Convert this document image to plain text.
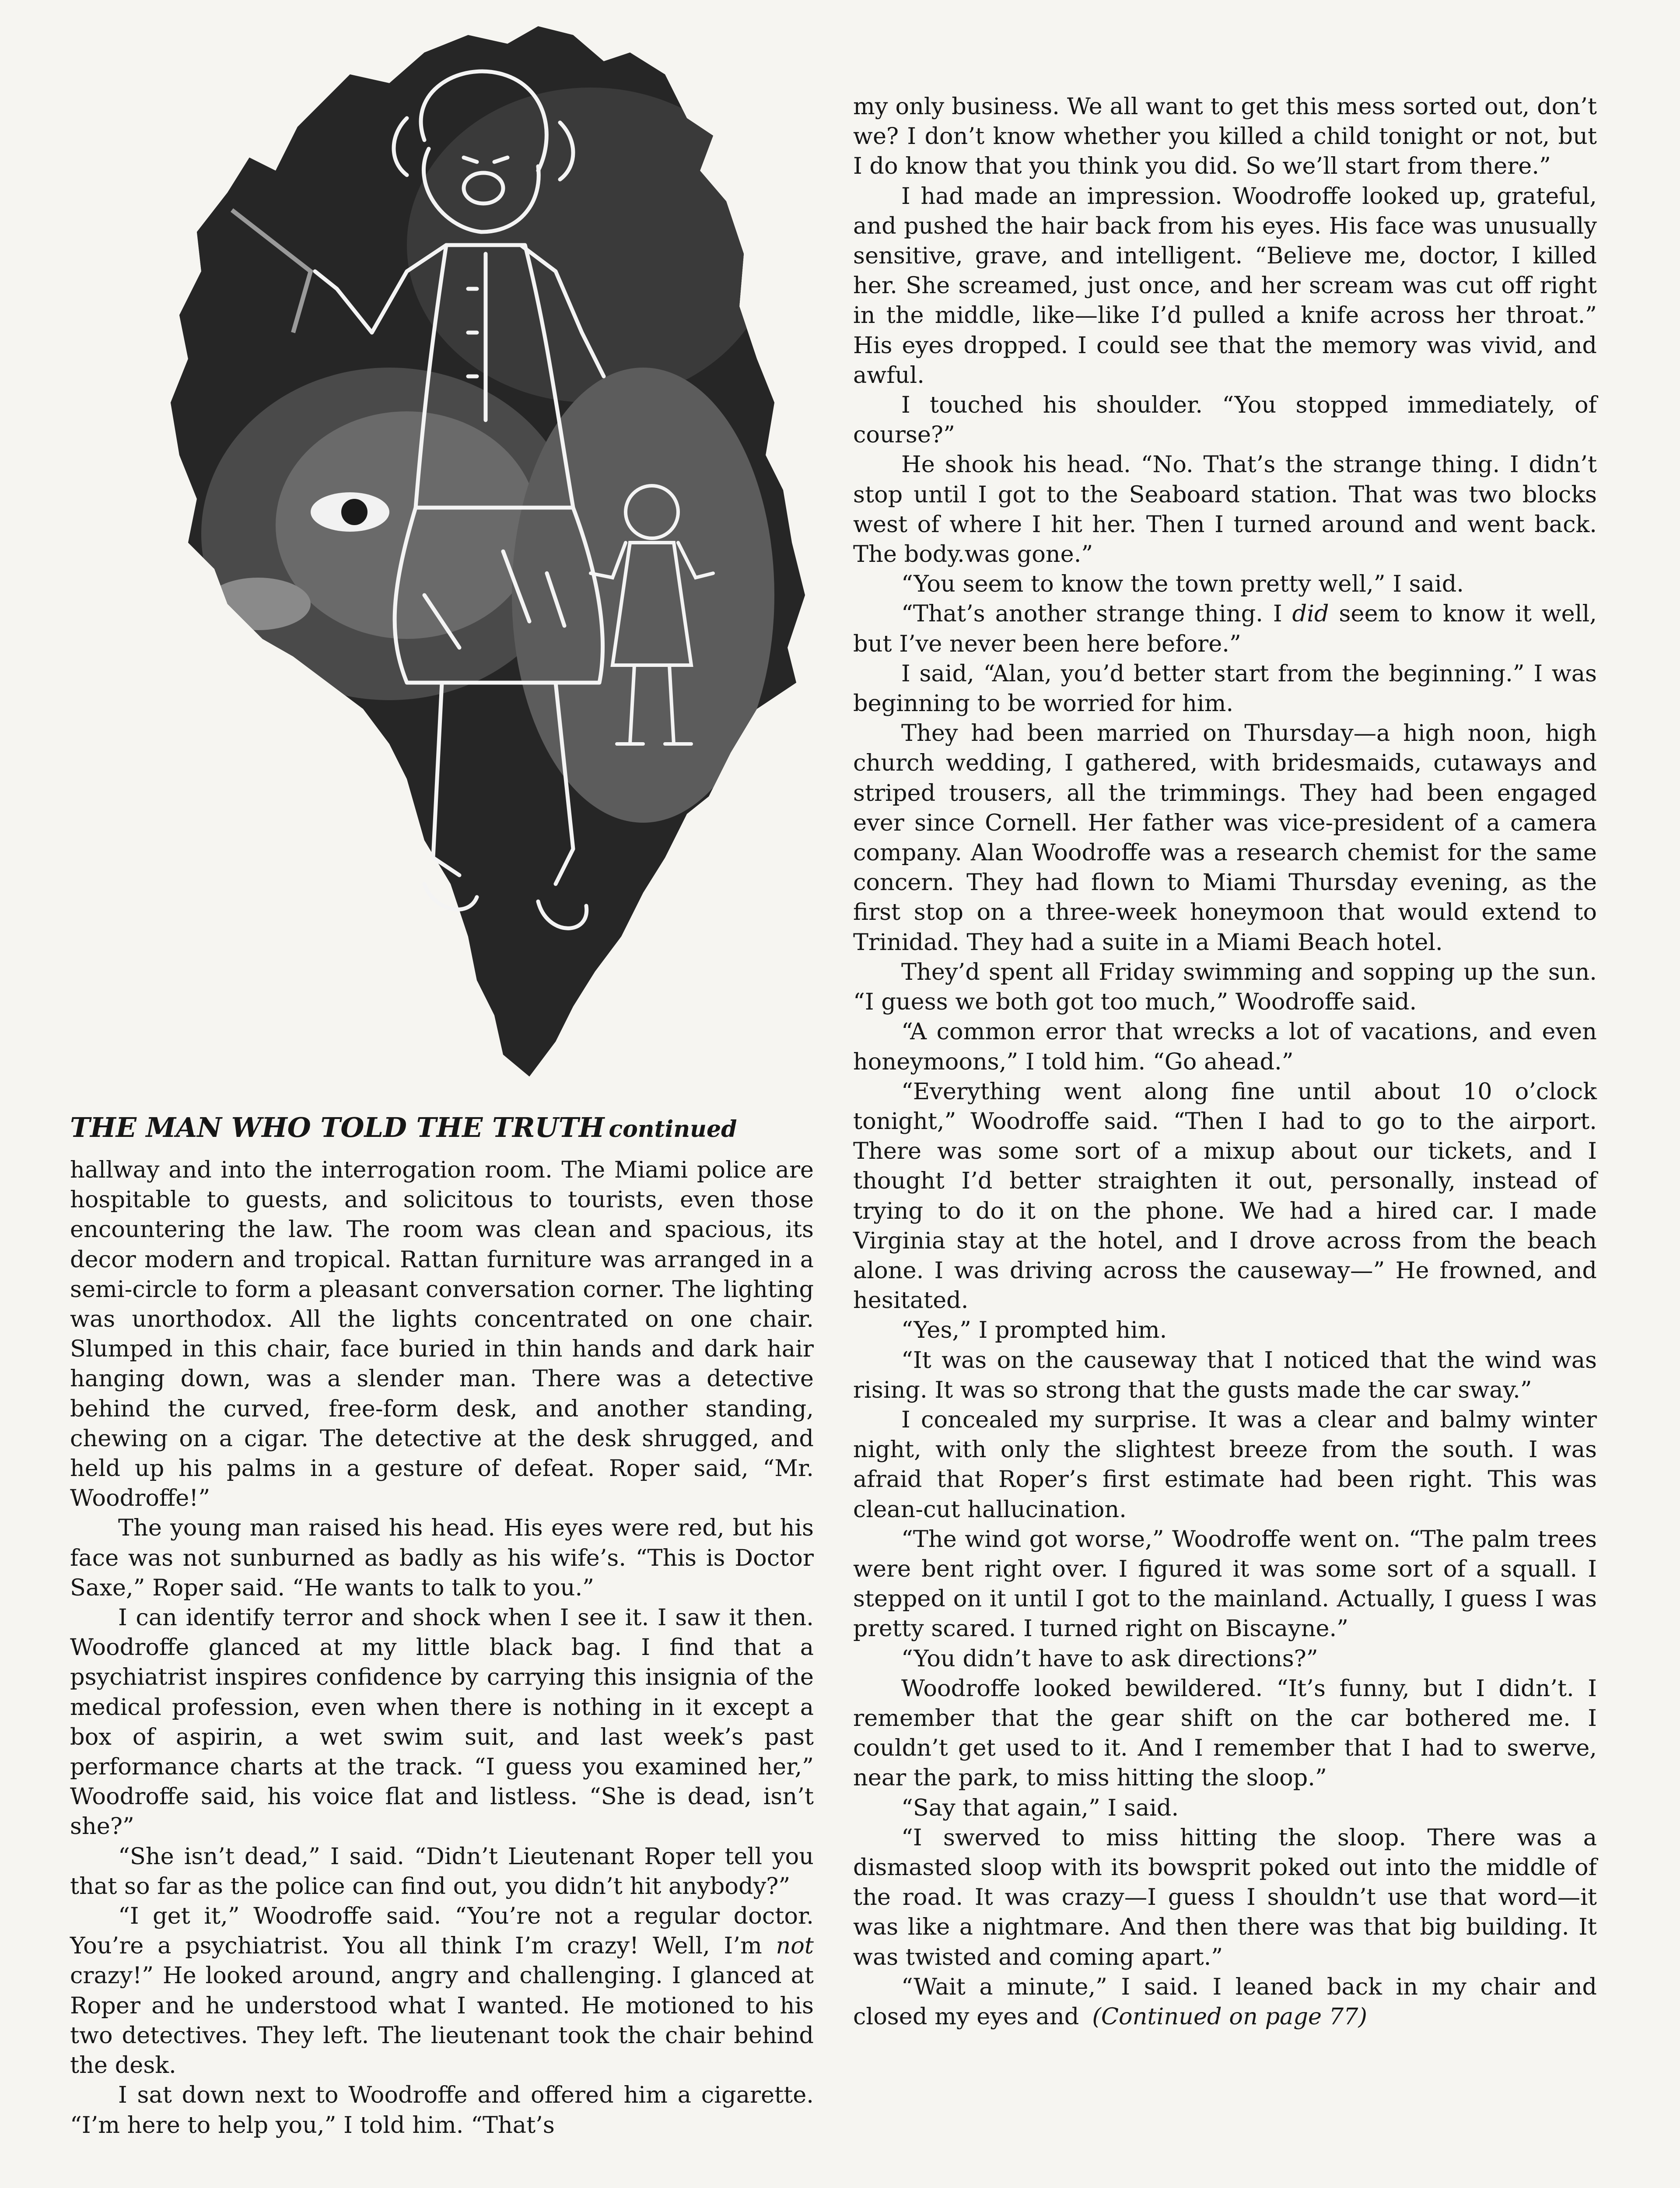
THE MAN WHO TOLD THE TRUTH continued

hallway and into the interrogation room. The Miami police are hospitable to guests, and solicitous to tourists, even those encountering the law. The room was clean and spacious, its decor modern and tropical. Rattan furniture was arranged in a semi-circle to form a pleasant conversation corner. The lighting was unorthodox. All the lights concentrated on one chair. Slumped in this chair, face buried in thin hands and dark hair hanging down, was a slender man. There was a detective behind the curved, free-form desk, and another standing, chewing on a cigar. The detective at the desk shrugged, and held up his palms in a gesture of defeat. Roper said, “Mr. Woodroffe!”

The young man raised his head. His eyes were red, but his face was not sunburned as badly as his wife’s. “This is Doctor Saxe,” Roper said. “He wants to talk to you.”

I can identify terror and shock when I see it. I saw it then. Woodroffe glanced at my little black bag. I find that a psychiatrist inspires confidence by carrying this insignia of the medical profession, even when there is nothing in it except a box of aspirin, a wet swim suit, and last week’s past performance charts at the track. “I guess you examined her,” Woodroffe said, his voice flat and listless. “She is dead, isn’t she?”

“She isn’t dead,” I said. “Didn’t Lieutenant Roper tell you that so far as the police can find out, you didn’t hit anybody?”

“I get it,” Woodroffe said. “You’re not a regular doctor. You’re a psychiatrist. You all think I’m crazy! Well, I’m not crazy!” He looked around, angry and challenging. I glanced at Roper and he understood what I wanted. He motioned to his two detectives. They left. The lieutenant took the chair behind the desk.

I sat down next to Woodroffe and offered him a cigarette. “I’m here to help you,” I told him. “That’s

my only business. We all want to get this mess sorted out, don’t we? I don’t know whether you killed a child tonight or not, but I do know that you think you did. So we’ll start from there.”

I had made an impression. Woodroffe looked up, grateful, and pushed the hair back from his eyes. His face was unusually sensitive, grave, and intelligent. “Believe me, doctor, I killed her. She screamed, just once, and her scream was cut off right in the middle, like—like I’d pulled a knife across her throat.” His eyes dropped. I could see that the memory was vivid, and awful.

I touched his shoulder. “You stopped immediately, of course?”

He shook his head. “No. That’s the strange thing. I didn’t stop until I got to the Seaboard station. That was two blocks west of where I hit her. Then I turned around and went back. The body.was gone.”

“You seem to know the town pretty well,” I said.

“That’s another strange thing. I did seem to know it well, but I’ve never been here before.”

I said, “Alan, you’d better start from the beginning.” I was beginning to be worried for him.

They had been married on Thursday—a high noon, high church wedding, I gathered, with bridesmaids, cutaways and striped trousers, all the trimmings. They had been engaged ever since Cornell. Her father was vice-president of a camera company. Alan Woodroffe was a research chemist for the same concern. They had flown to Miami Thursday evening, as the first stop on a three-week honeymoon that would extend to Trinidad. They had a suite in a Miami Beach hotel.

They’d spent all Friday swimming and sopping up the sun. “I guess we both got too much,” Woodroffe said.

“A common error that wrecks a lot of vacations, and even honeymoons,” I told him. “Go ahead.”

“Everything went along fine until about 10 o’clock tonight,” Woodroffe said. “Then I had to go to the airport. There was some sort of a mixup about our tickets, and I thought I’d better straighten it out, personally, instead of trying to do it on the phone. We had a hired car. I made Virginia stay at the hotel, and I drove across from the beach alone. I was driving across the causeway—” He frowned, and hesitated.

“Yes,” I prompted him.

“It was on the causeway that I noticed that the wind was rising. It was so strong that the gusts made the car sway.”

I concealed my surprise. It was a clear and balmy winter night, with only the slightest breeze from the south. I was afraid that Roper’s first estimate had been right. This was clean-cut hallucination.

“The wind got worse,” Woodroffe went on. “The palm trees were bent right over. I figured it was some sort of a squall. I stepped on it until I got to the mainland. Actually, I guess I was pretty scared. I turned right on Biscayne.”

“You didn’t have to ask directions?”

Woodroffe looked bewildered. “It’s funny, but I didn’t. I remember that the gear shift on the car bothered me. I couldn’t get used to it. And I remember that I had to swerve, near the park, to miss hitting the sloop.”

“Say that again,” I said.

“I swerved to miss hitting the sloop. There was a dismasted sloop with its bowsprit poked out into the middle of the road. It was crazy—I guess I shouldn’t use that word—it was like a nightmare. And then there was that big building. It was twisted and coming apart.”

“Wait a minute,” I said. I leaned back in my chair and closed my eyes and (Continued on page 77)
